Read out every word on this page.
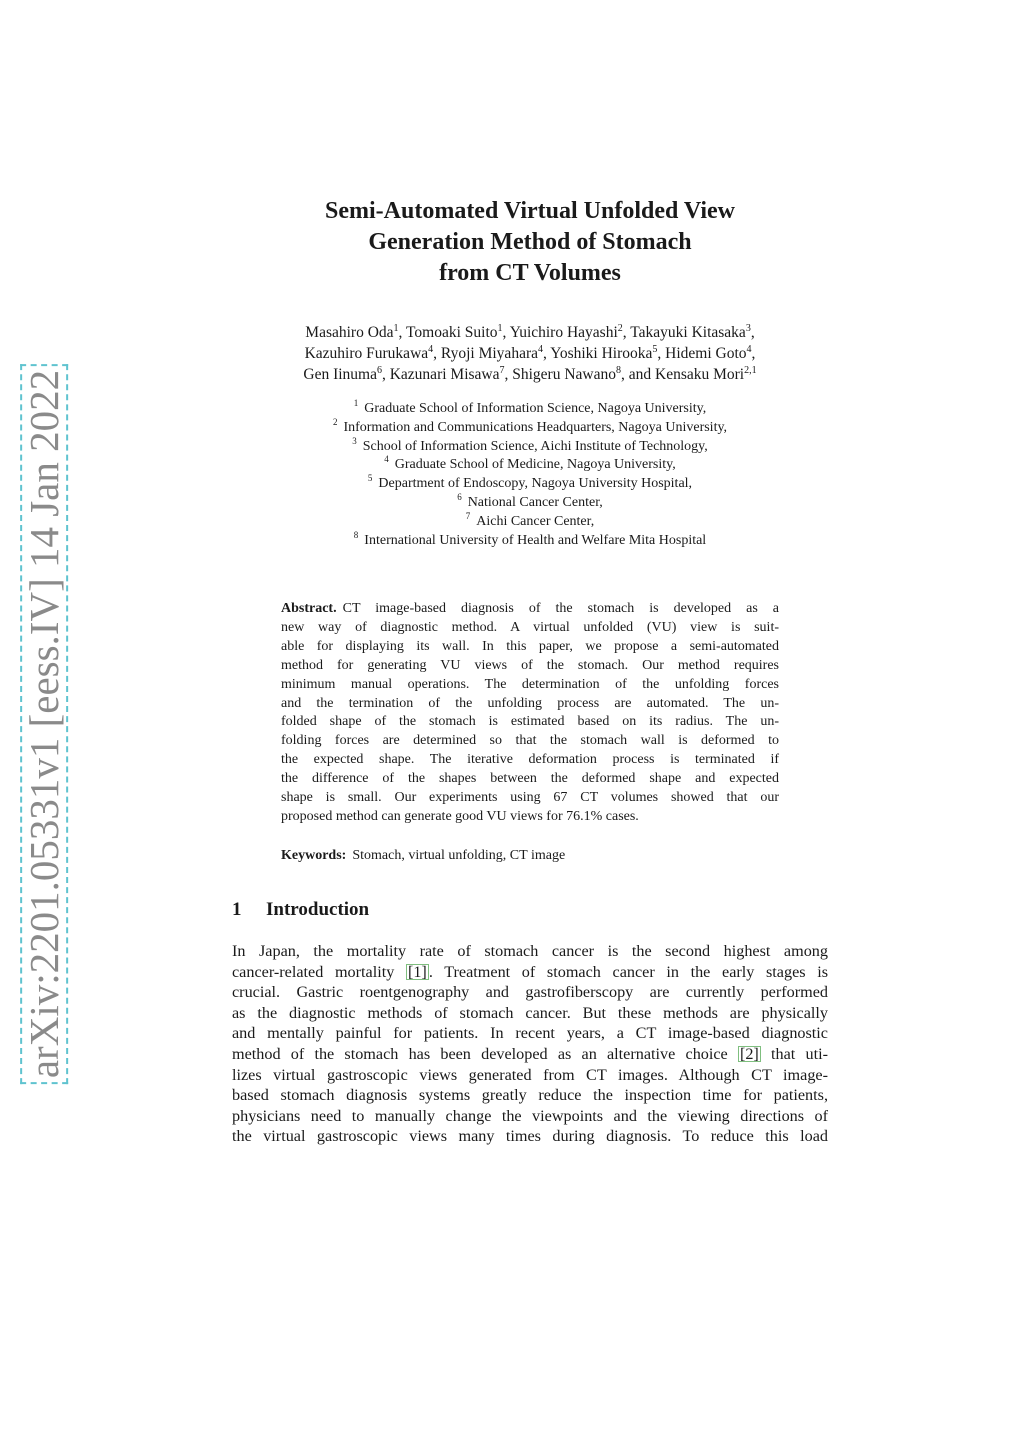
arXiv:2201.05331v1 [eess.IV] 14 Jan 2022
Semi-Automated Virtual Unfolded View
Generation Method of Stomach
from CT Volumes
Masahiro Oda$^1$, Tomoaki Suito$^1$, Yuichiro Hayashi$^2$, Takayuki Kitasaka$^3$,
Kazuhiro Furukawa$^4$, Ryoji Miyahara$^4$, Yoshiki Hirooka$^5$, Hidemi Goto$^4$,
Gen Iinuma$^6$, Kazunari Misawa$^7$, Shigeru Nawano$^8$, and Kensaku Mori$^{2,1}$
$^1$ Graduate School of Information Science, Nagoya University,
$^2$ Information and Communications Headquarters, Nagoya University,
$^3$ School of Information Science, Aichi Institute of Technology,
$^4$ Graduate School of Medicine, Nagoya University,
$^5$ Department of Endoscopy, Nagoya University Hospital,
$^6$ National Cancer Center,
$^7$ Aichi Cancer Center,
$^8$ International University of Health and Welfare Mita Hospital
Abstract. CT image-based diagnosis of the stomach is developed as a
new way of diagnostic method. A virtual unfolded (VU) view is suit-
able for displaying its wall. In this paper, we propose a semi-automated
method for generating VU views of the stomach. Our method requires
minimum manual operations. The determination of the unfolding forces
and the termination of the unfolding process are automated. The un-
folded shape of the stomach is estimated based on its radius. The un-
folding forces are determined so that the stomach wall is deformed to
the expected shape. The iterative deformation process is terminated if
the difference of the shapes between the deformed shape and expected
shape is small. Our experiments using 67 CT volumes showed that our
proposed method can generate good VU views for 76.1% cases.
Keywords: Stomach, virtual unfolding, CT image
1 Introduction
In Japan, the mortality rate of stomach cancer is the second highest among
cancer-related mortality [1] . Treatment of stomach cancer in the early stages is
crucial. Gastric roentgenography and gastrofiberscopy are currently performed
as the diagnostic methods of stomach cancer. But these methods are physically
and mentally painful for patients. In recent years, a CT image-based diagnostic
method of the stomach has been developed as an alternative choice [2] that uti-
lizes virtual gastroscopic views generated from CT images. Although CT image-
based stomach diagnosis systems greatly reduce the inspection time for patients,
physicians need to manually change the viewpoints and the viewing directions of
the virtual gastroscopic views many times during diagnosis. To reduce this load
